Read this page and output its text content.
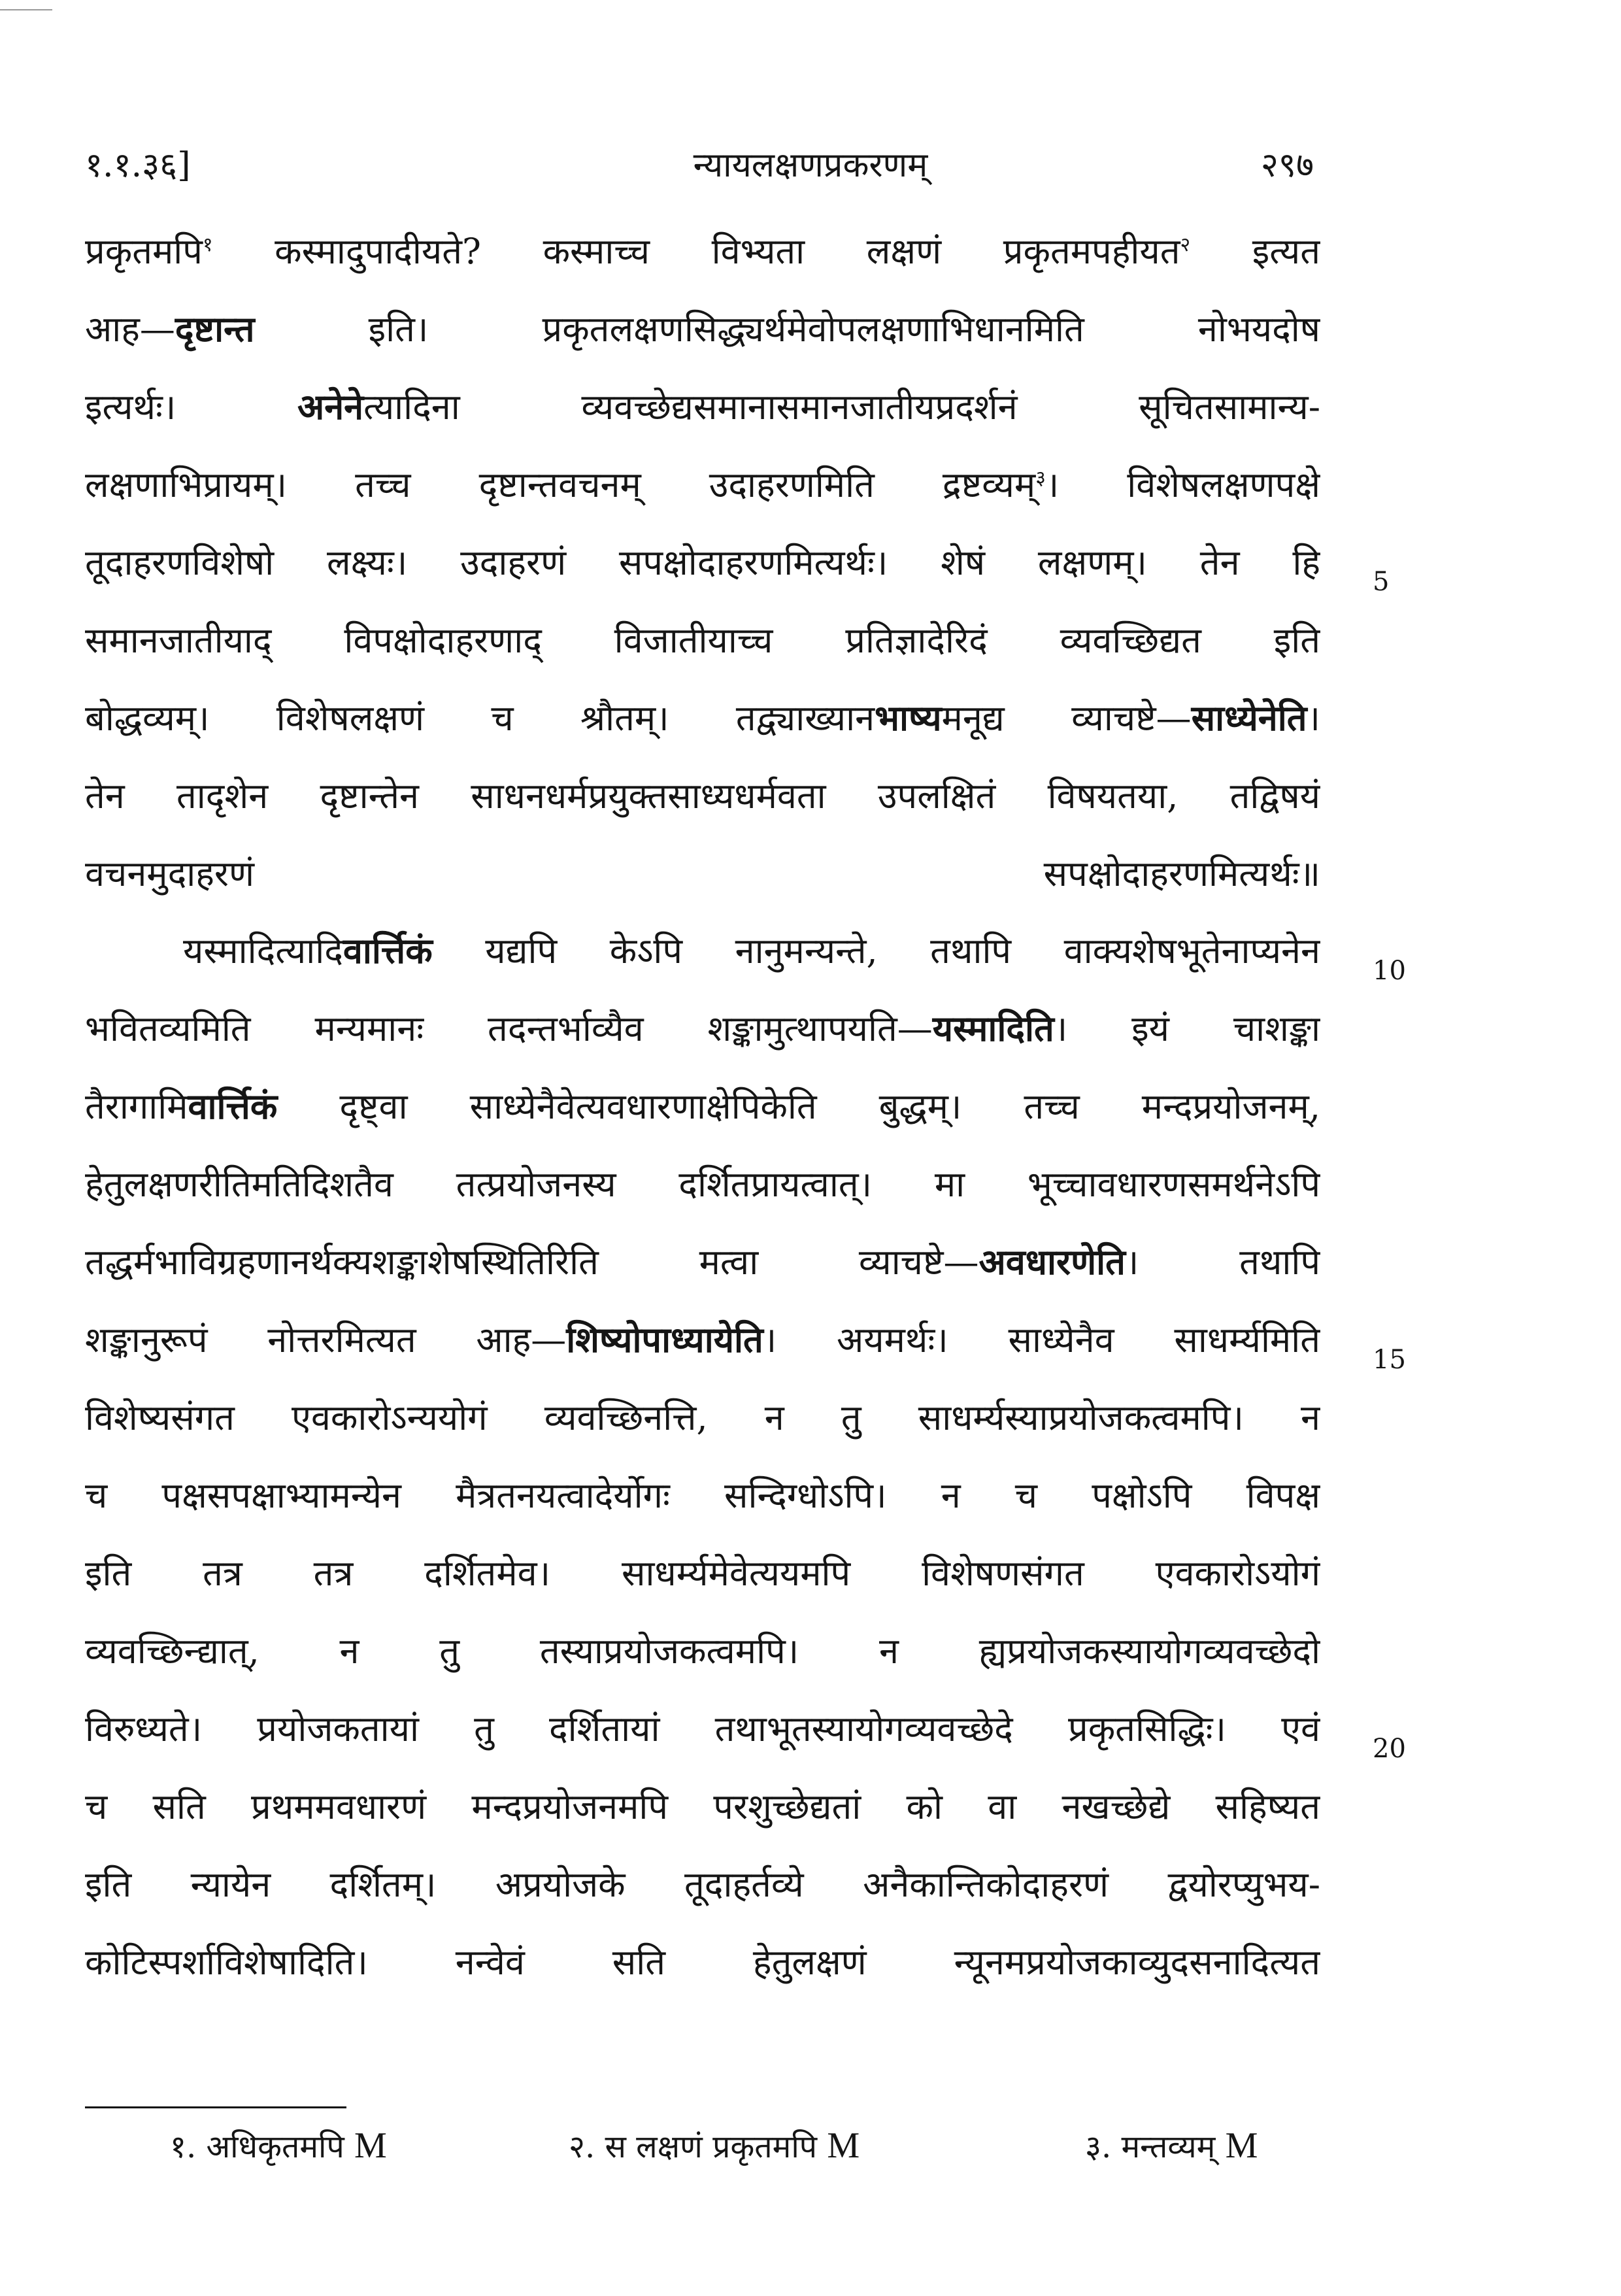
१.१.३६]	न्यायलक्षणप्रकरणम्	२९७
प्रकृतमपि$^१$ कस्मादुपादीयते? कस्माच्च विभ्यता लक्षणं प्रकृतमपहीयत$^२$ इत्यत
आह—दृष्टान्त इति। प्रकृतलक्षणसिद्ध्यर्थमेवोपलक्षणाभिधानमिति नोभयदोष
इत्यर्थः। अनेनेत्यादिना व्यवच्छेद्यसमानासमानजातीयप्रदर्शनं सूचितसामान्य-
लक्षणाभिप्रायम्। तच्च दृष्टान्तवचनम् उदाहरणमिति द्रष्टव्यम्$^३$। विशेषलक्षणपक्षे
तूदाहरणविशेषो लक्ष्यः। उदाहरणं सपक्षोदाहरणमित्यर्थः। शेषं लक्षणम्। तेन हि
समानजातीयाद् विपक्षोदाहरणाद् विजातीयाच्च प्रतिज्ञादेरिदं व्यवच्छिद्यत इति
बोद्धव्यम्। विशेषलक्षणं च श्रौतम्। तद्व्याख्यानभाष्यमनूद्य व्याचष्टे—साध्येनेति।
तेन तादृशेन दृष्टान्तेन साधनधर्मप्रयुक्तसाध्यधर्मवता उपलक्षितं विषयतया, तद्विषयं
वचनमुदाहरणं सपक्षोदाहरणमित्यर्थः॥
यस्मादित्यादिवार्त्तिकं यद्यपि केऽपि नानुमन्यन्ते, तथापि वाक्यशेषभूतेनाप्यनेन
भवितव्यमिति मन्यमानः तदन्तर्भाव्यैव शङ्कामुत्थापयति—यस्मादिति। इयं चाशङ्का
तैरागामिवार्त्तिकं दृष्ट्वा साध्येनैवेत्यवधारणाक्षेपिकेति बुद्धम्। तच्च मन्दप्रयोजनम्,
हेतुलक्षणरीतिमतिदिशतैव तत्प्रयोजनस्य दर्शितप्रायत्वात्। मा भूच्चावधारणसमर्थनेऽपि
तद्धर्मभाविग्रहणानर्थक्यशङ्काशेषस्थितिरिति मत्वा व्याचष्टे—अवधारणेति। तथापि
शङ्कानुरूपं नोत्तरमित्यत आह—शिष्योपाध्यायेति। अयमर्थः। साध्येनैव साधर्म्यमिति
विशेष्यसंगत एवकारोऽन्ययोगं व्यवच्छिनत्ति, न तु साधर्म्यस्याप्रयोजकत्वमपि। न
च पक्षसपक्षाभ्यामन्येन मैत्रतनयत्वादेर्योगः सन्दिग्धोऽपि। न च पक्षोऽपि विपक्ष
इति तत्र तत्र दर्शितमेव। साधर्म्यमेवेत्ययमपि विशेषणसंगत एवकारोऽयोगं
व्यवच्छिन्द्यात्, न तु तस्याप्रयोजकत्वमपि। न ह्यप्रयोजकस्यायोगव्यवच्छेदो
विरुध्यते। प्रयोजकतायां तु दर्शितायां तथाभूतस्यायोगव्यवच्छेदे प्रकृतसिद्धिः। एवं
च सति प्रथममवधारणं मन्दप्रयोजनमपि परशुच्छेद्यतां को वा नखच्छेद्ये सहिष्यत
इति न्यायेन दर्शितम्। अप्रयोजके तूदाहर्तव्ये अनैकान्तिकोदाहरणं द्वयोरप्युभय-
कोटिस्पर्शाविशेषादिति। नन्वेवं सति हेतुलक्षणं न्यूनमप्रयोजकाव्युदसनादित्यत
5
10
15
20
१. अधिकृतमपि M	२. स लक्षणं प्रकृतमपि M	३. मन्तव्यम् M
